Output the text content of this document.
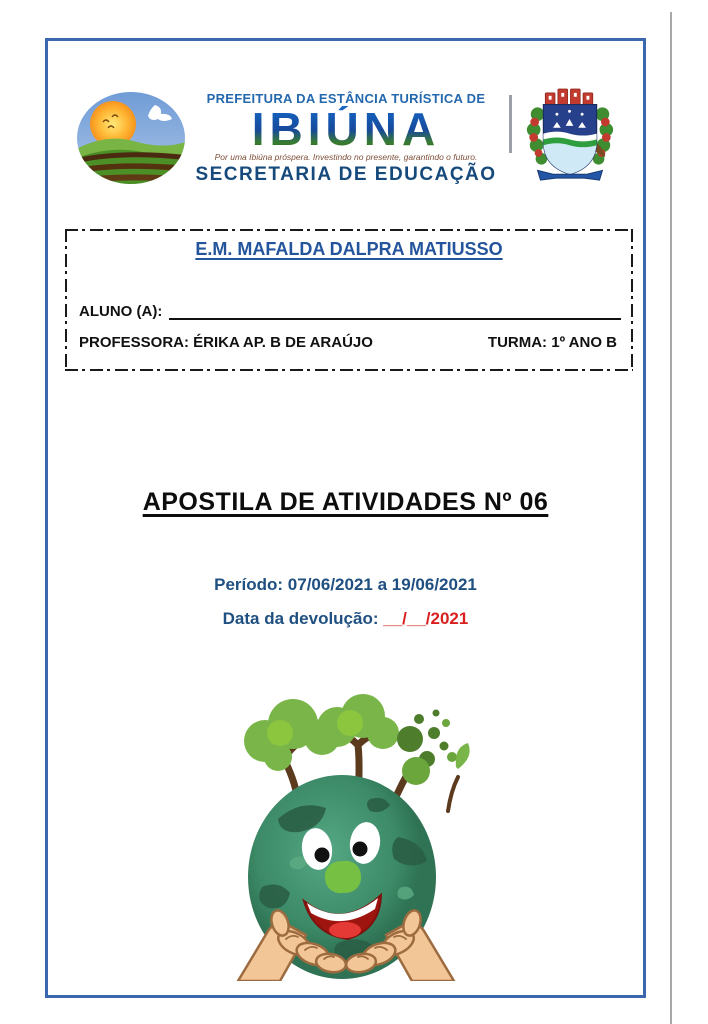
PREFEITURA DA ESTÂNCIA TURÍSTICA DE
IBIÚNA
Por uma Ibiúna próspera. Investindo no presente, garantindo o futuro.
SECRETARIA DE EDUCAÇÃO
E.M. MAFALDA DALPRA MATIUSSO
ALUNO (A):
PROFESSORA: ÉRIKA AP. B DE ARAÚJO	TURMA: 1º ANO B
APOSTILA DE ATIVIDADES Nº 06
Período: 07/06/2021 a 19/06/2021
Data da devolução: __/__/2021
